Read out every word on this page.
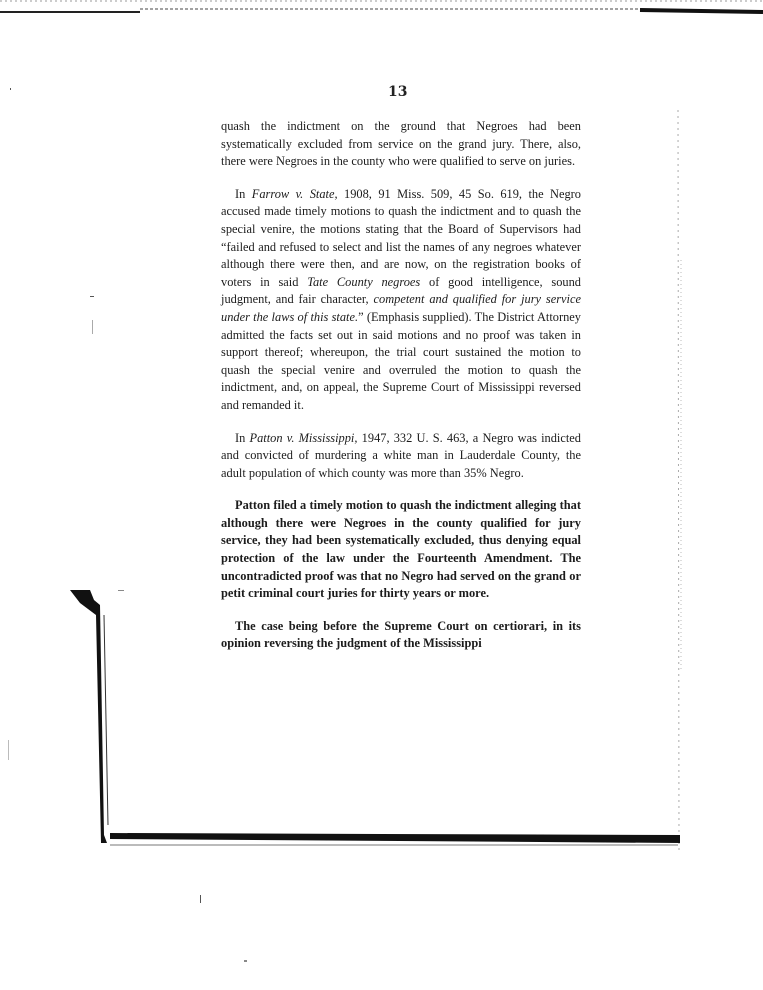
13

quash the indictment on the ground that Negroes had been systematically excluded from service on the grand jury. There, also, there were Negroes in the county who were qualified to serve on juries.

In Farrow v. State, 1908, 91 Miss. 509, 45 So. 619, the Negro accused made timely motions to quash the indictment and to quash the special venire, the motions stating that the Board of Supervisors had “failed and refused to select and list the names of any negroes whatever although there were then, and are now, on the registration books of voters in said Tate County negroes of good intelligence, sound judgment, and fair character, competent and qualified for jury service under the laws of this state.” (Emphasis supplied). The District Attorney admitted the facts set out in said motions and no proof was taken in support thereof; whereupon, the trial court sustained the motion to quash the special venire and overruled the motion to quash the indictment, and, on appeal, the Supreme Court of Mississippi reversed and remanded it.

In Patton v. Mississippi, 1947, 332 U. S. 463, a Negro was indicted and convicted of murdering a white man in Lauderdale County, the adult population of which county was more than 35% Negro.

Patton filed a timely motion to quash the indictment alleging that although there were Negroes in the county qualified for jury service, they had been systematically excluded, thus denying equal protection of the law under the Fourteenth Amendment. The uncontradicted proof was that no Negro had served on the grand or petit criminal court juries for thirty years or more.

The case being before the Supreme Court on certiorari, in its opinion reversing the judgment of the Mississippi
